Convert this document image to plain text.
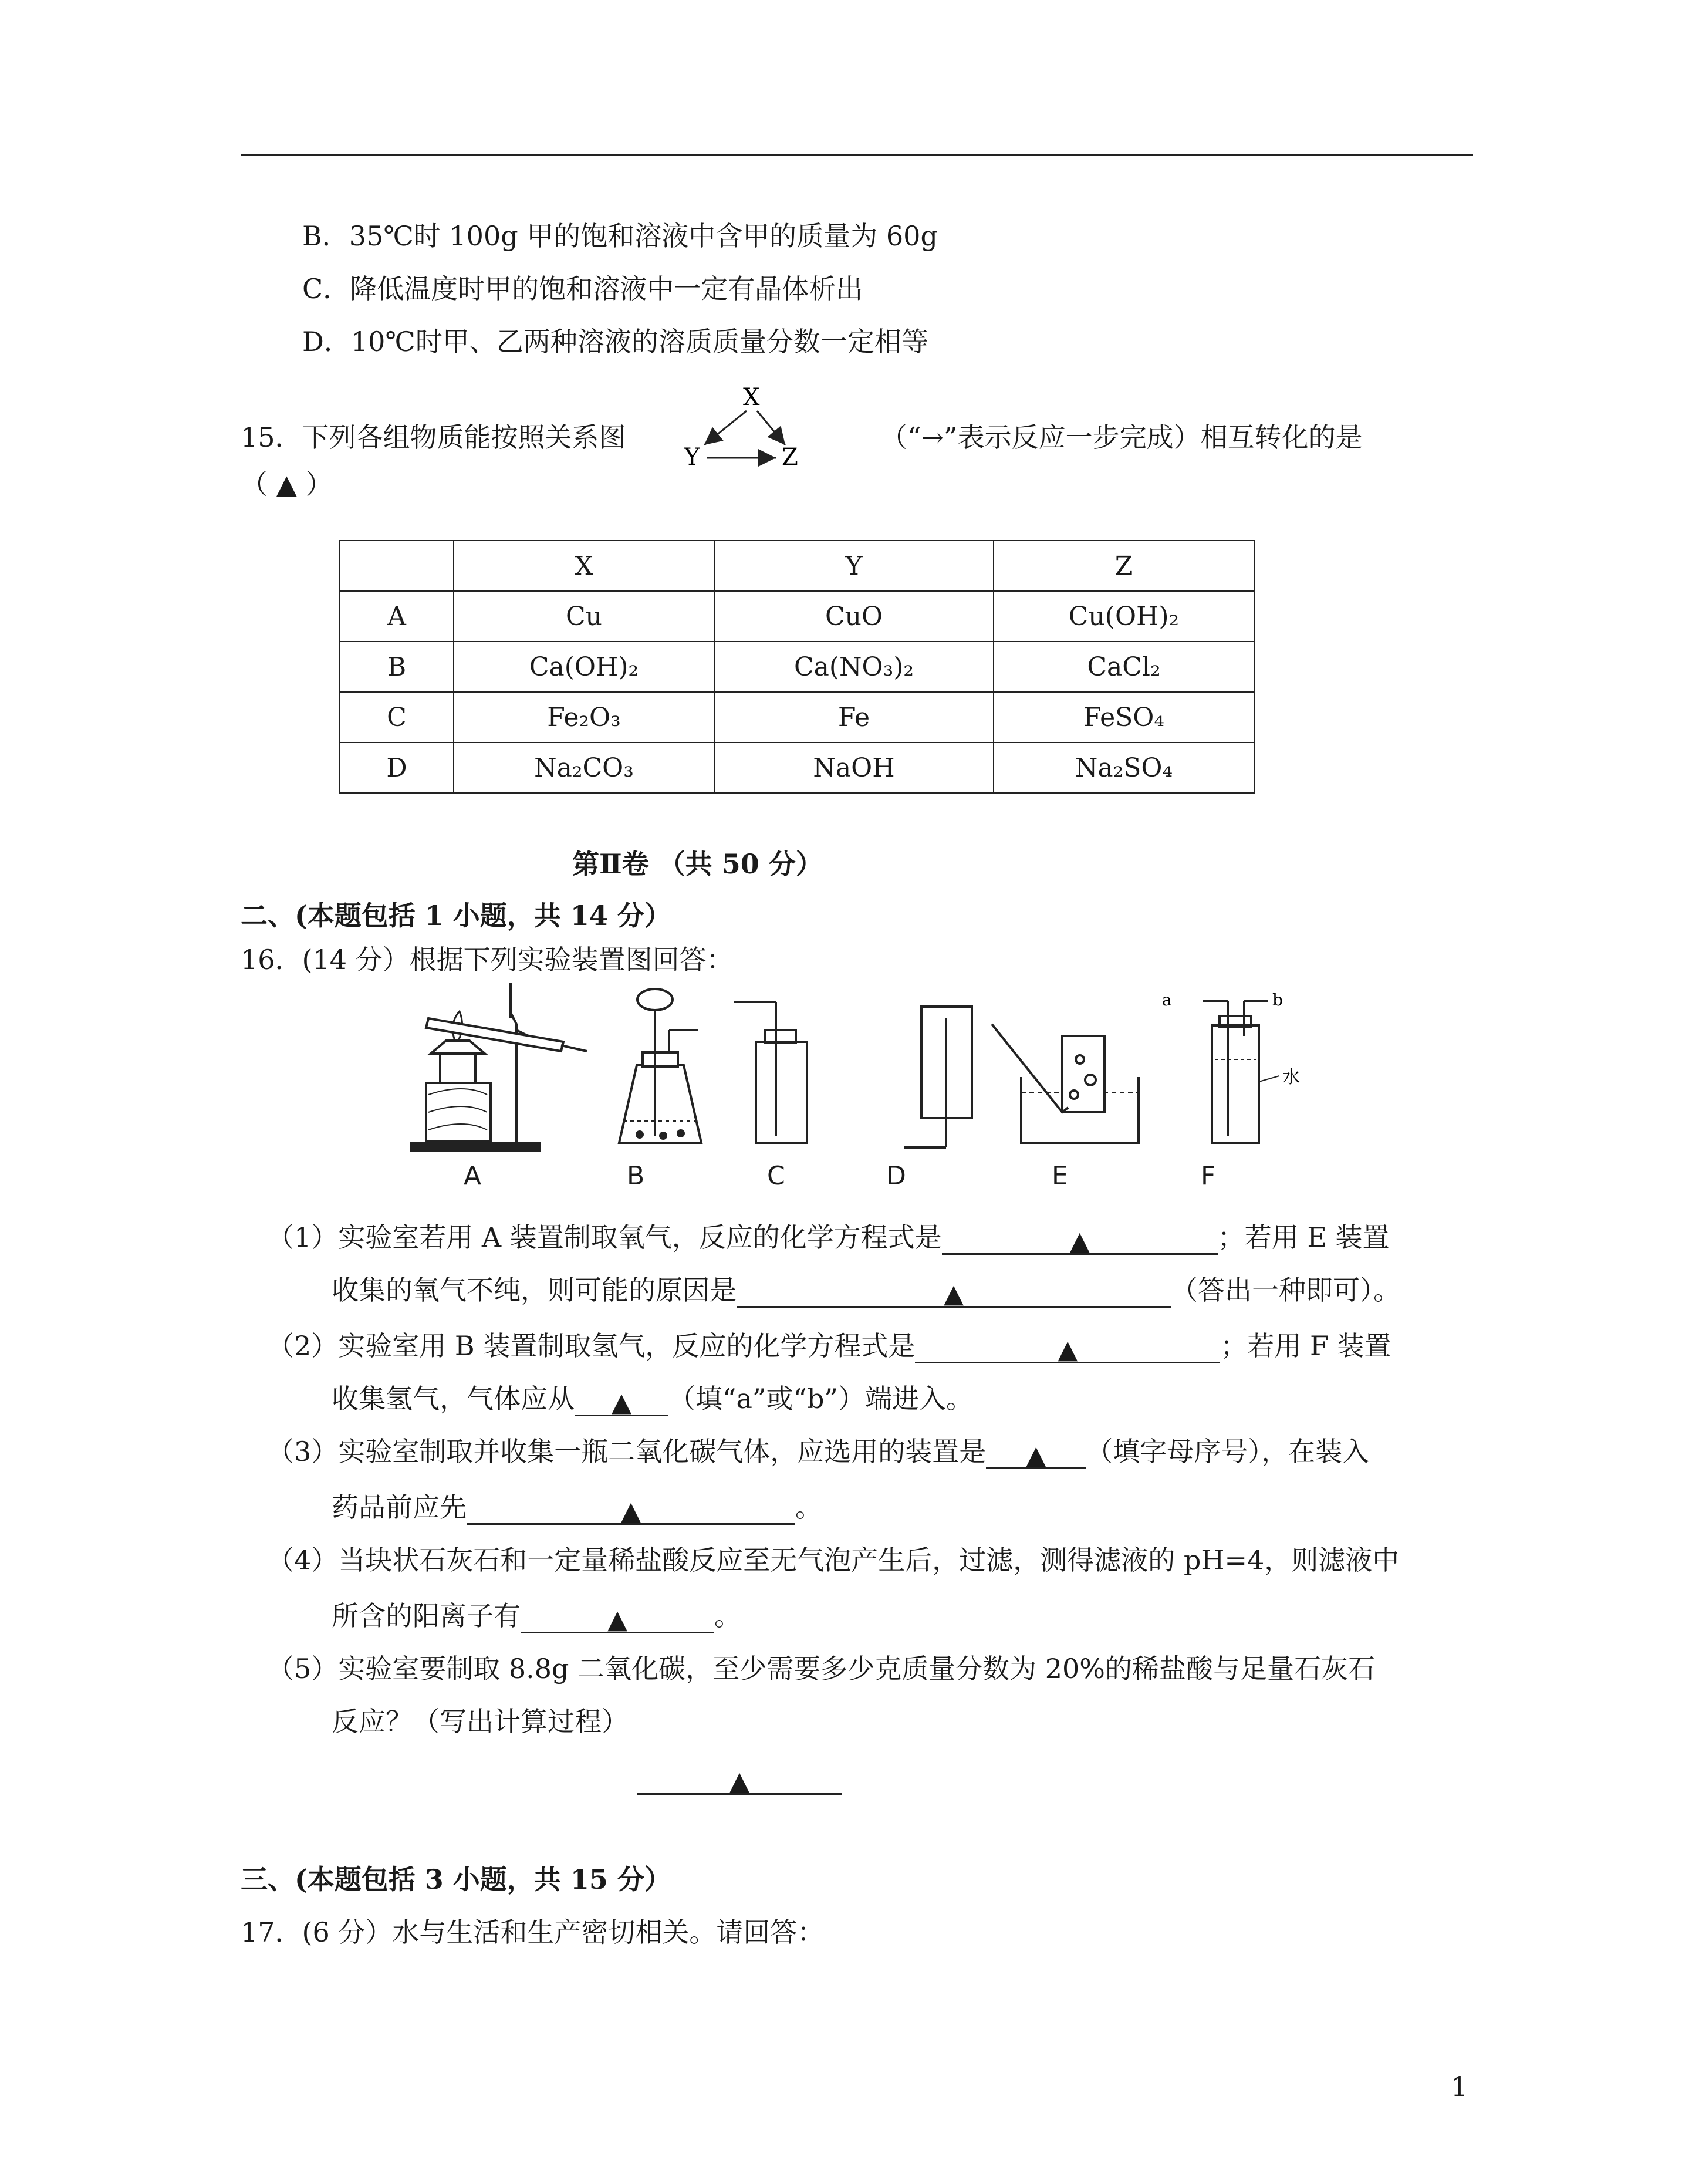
B．35℃时 100g 甲的饱和溶液中含甲的质量为 60g
C．降低温度时甲的饱和溶液中一定有晶体析出
D．10℃时甲、乙两种溶液的溶质质量分数一定相等
15．下列各组物质能按照关系图
X
Y	Z
（“→”表示反应一步完成）相互转化的是
（ ▲ ）
	X	Y	Z
A	Cu	CuO	Cu(OH)₂
B	Ca(OH)₂	Ca(NO₃)₂	CaCl₂
C	Fe₂O₃	Fe	FeSO₄
D	Na₂CO₃	NaOH	Na₂SO₄
第Ⅱ卷 （共 50 分）
二、(本题包括 1 小题，共 14 分）
16．(14 分）根据下列实验装置图回答：
a	b
水
A	B	C	D	E	F
（1）实验室若用 A 装置制取氧气，反应的化学方程式是	▲	；若用 E 装置
收集的氧气不纯，则可能的原因是	▲	（答出一种即可）。
（2）实验室用 B 装置制取氢气，反应的化学方程式是	▲	；若用 F 装置
收集氢气，气体应从 ▲ （填“a”或“b”）端进入。
（3）实验室制取并收集一瓶二氧化碳气体，应选用的装置是 ▲ （填字母序号），在装入
药品前应先	▲	。
（4）当块状石灰石和一定量稀盐酸反应至无气泡产生后，过滤，测得滤液的 pH=4，则滤液中
所含的阳离子有	▲	。
（5）实验室要制取 8.8g 二氧化碳，至少需要多少克质量分数为 20%的稀盐酸与足量石灰石
反应？（写出计算过程）
▲
三、(本题包括 3 小题，共 15 分）
17．(6 分）水与生活和生产密切相关。请回答：
1
